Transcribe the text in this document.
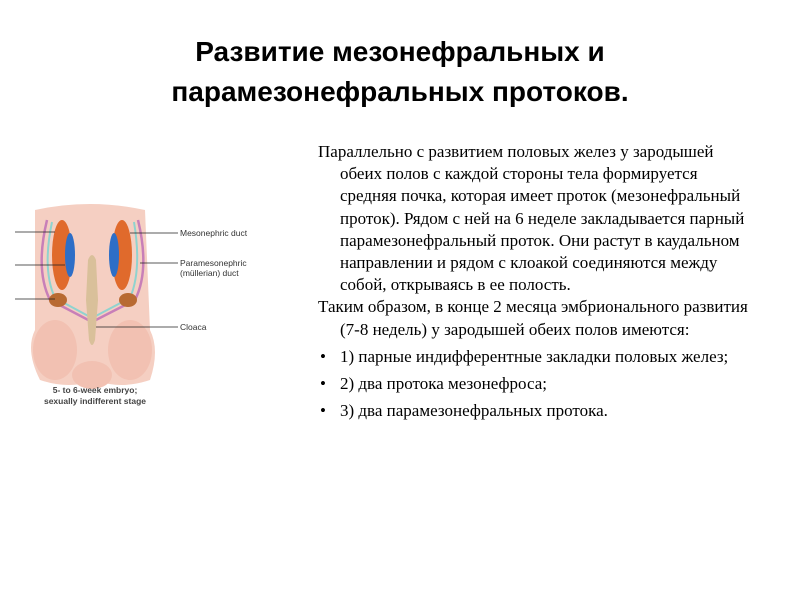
Развитие мезонефральных и
парамезонефральных протоков.
Mesonephric duct
Paramesonephric
(müllerian) duct
Cloaca
5- to 6-week embryo;
sexually indifferent stage

Параллельно с развитием половых желез у зародышей обеих полов с каждой стороны тела формируется средняя почка, которая имеет проток (мезонефральный проток). Рядом с ней на 6 неделе закладывается парный парамезонефральный проток. Они растут в каудальном направлении и рядом с клоакой соединяются между собой, открываясь в ее полость.

Таким образом, в конце 2 месяца эмбрионального развития (7-8 недель) у зародышей обеих полов имеются:

• 1) парные индифферентные закладки половых желез;
• 2) два протока мезонефроса;
• 3) два парамезонефральных протока.
